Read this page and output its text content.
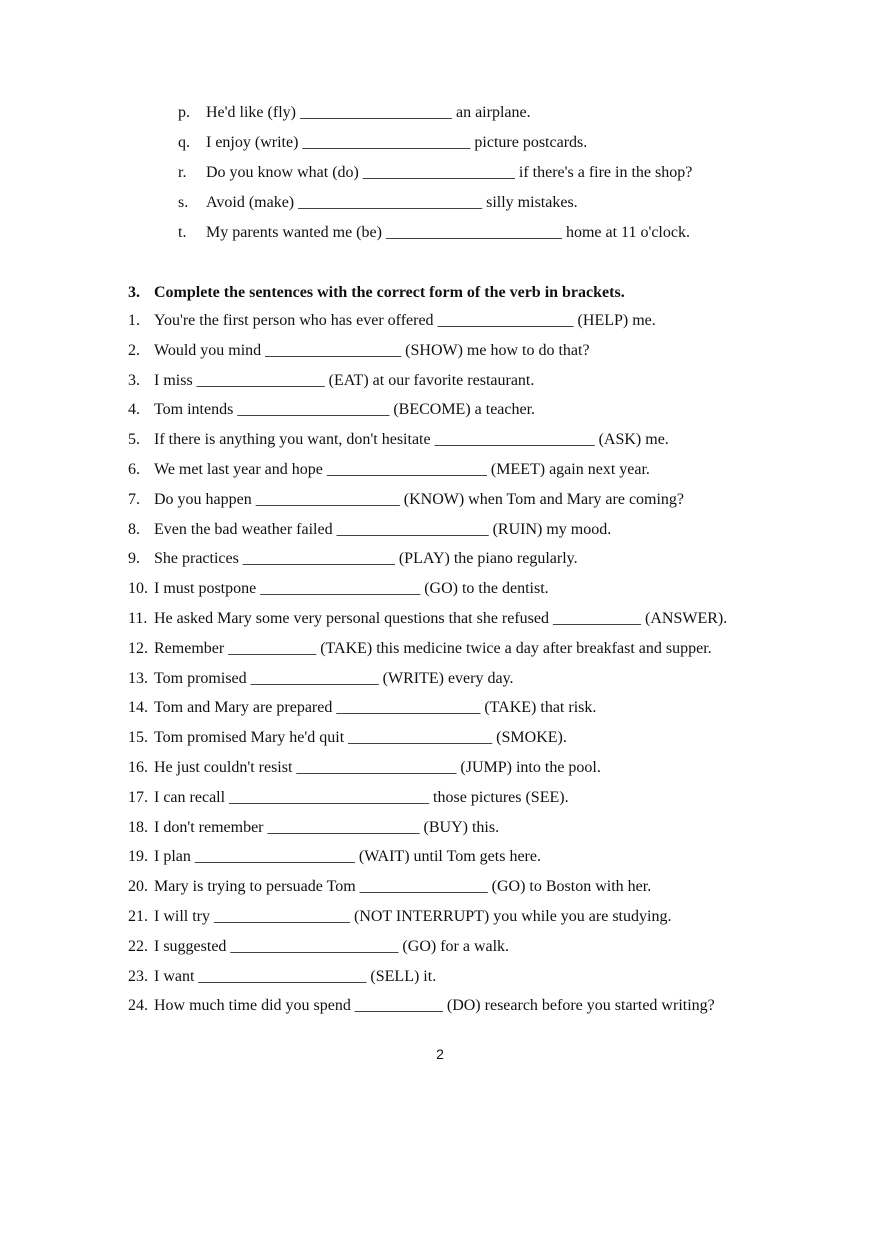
p.	He'd like (fly) ___________________ an airplane.
q.	I enjoy (write) _____________________ picture postcards.
r.	Do you know what (do) ___________________ if there's a fire in the shop?
s.	Avoid (make) _______________________ silly mistakes.
t.	My parents wanted me (be) ______________________ home at 11 o'clock.
3. Complete the sentences with the correct form of the verb in brackets.
1. You're the first person who has ever offered _________________ (HELP) me.
2. Would you mind _________________ (SHOW) me how to do that?
3. I miss ________________ (EAT) at our favorite restaurant.
4. Tom intends ___________________ (BECOME) a teacher.
5. If there is anything you want, don't hesitate ____________________ (ASK) me.
6. We met last year and hope ____________________ (MEET) again next year.
7. Do you happen __________________ (KNOW) when Tom and Mary are coming?
8. Even the bad weather failed ___________________ (RUIN) my mood.
9. She practices ___________________ (PLAY) the piano regularly.
10. I must postpone ____________________ (GO) to the dentist.
11. He asked Mary some very personal questions that she refused ___________ (ANSWER).
12. Remember ___________ (TAKE) this medicine twice a day after breakfast and supper.
13. Tom promised ________________ (WRITE) every day.
14. Tom and Mary are prepared __________________ (TAKE) that risk.
15. Tom promised Mary he'd quit __________________ (SMOKE).
16. He just couldn't resist ____________________ (JUMP) into the pool.
17. I can recall _________________________ those pictures (SEE).
18. I don't remember ___________________ (BUY) this.
19. I plan ____________________ (WAIT) until Tom gets here.
20. Mary is trying to persuade Tom ________________ (GO) to Boston with her.
21. I will try _________________ (NOT INTERRUPT) you while you are studying.
22. I suggested _____________________ (GO) for a walk.
23. I want _____________________ (SELL) it.
24. How much time did you spend ___________ (DO) research before you started writing?
2
